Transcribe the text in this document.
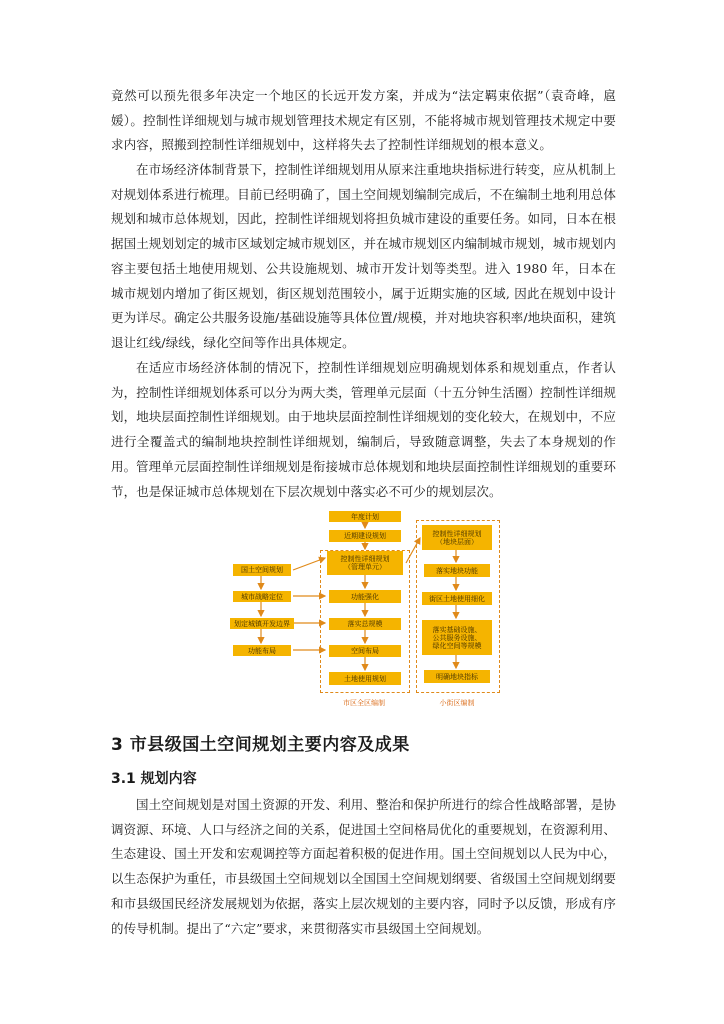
竟然可以预先很多年决定一个地区的长远开发方案，并成为“法定羁束依据”（袁奇峰，扈媛）。控制性详细规划与城市规划管理技术规定有区别，不能将城市规划管理技术规定中要求内容，照搬到控制性详细规划中，这样将失去了控制性详细规划的根本意义。

在市场经济体制背景下，控制性详细规划用从原来注重地块指标进行转变，应从机制上对规划体系进行梳理。目前已经明确了，国土空间规划编制完成后，不在编制土地利用总体规划和城市总体规划，因此，控制性详细规划将担负城市建设的重要任务。如同，日本在根据国土规划划定的城市区域划定城市规划区，并在城市规划区内编制城市规划，城市规划内容主要包括土地使用规划、公共设施规划、城市开发计划等类型。进入 1980 年，日本在城市规划内增加了街区规划，街区规划范围较小，属于近期实施的区域, 因此在规划中设计更为详尽。确定公共服务设施/基础设施等具体位置/规模，并对地块容积率/地块面积，建筑退让红线/绿线，绿化空间等作出具体规定。

在适应市场经济体制的情况下，控制性详细规划应明确规划体系和规划重点，作者认为，控制性详细规划体系可以分为两大类，管理单元层面（十五分钟生活圈）控制性详细规划，地块层面控制性详细规划。由于地块层面控制性详细规划的变化较大，在规划中，不应进行全覆盖式的编制地块控制性详细规划，编制后，导致随意调整，失去了本身规划的作用。 管理单元层面控制性详细规划是衔接城市总体规划和地块层面控制性详细规划的重要环节，也是保证城市总体规划在下层次规划中落实必不可少的规划层次。

国土空间规划
城市战略定位
划定城镇开发边界
功能布局
年度计划
近期建设规划
控制性详细规划
（管理单元）
功能强化
落实总规模
空间布局
土地使用规划
控制性详细规划
（地块层面）
落实地块功能
街区土地使用细化
落实基础设施、
公共服务设施、
绿化空间等规模
明确地块指标
市区全区编制	小街区编制
3 市县级国土空间规划主要内容及成果
3.1 规划内容

国土空间规划是对国土资源的开发、利用、整治和保护所进行的综合性战略部署，是协调资源、环境、人口与经济之间的关系，促进国土空间格局优化的重要规划，在资源利用、生态建设、国土开发和宏观调控等方面起着积极的促进作用。国土空间规划以人民为中心，以生态保护为重任，市县级国土空间规划以全国国土空间规划纲要、省级国土空间规划纲要和市县级国民经济发展规划为依据，落实上层次规划的主要内容，同时予以反馈，形成有序的传导机制。提出了“六定”要求，来贯彻落实市县级国土空间规划。
